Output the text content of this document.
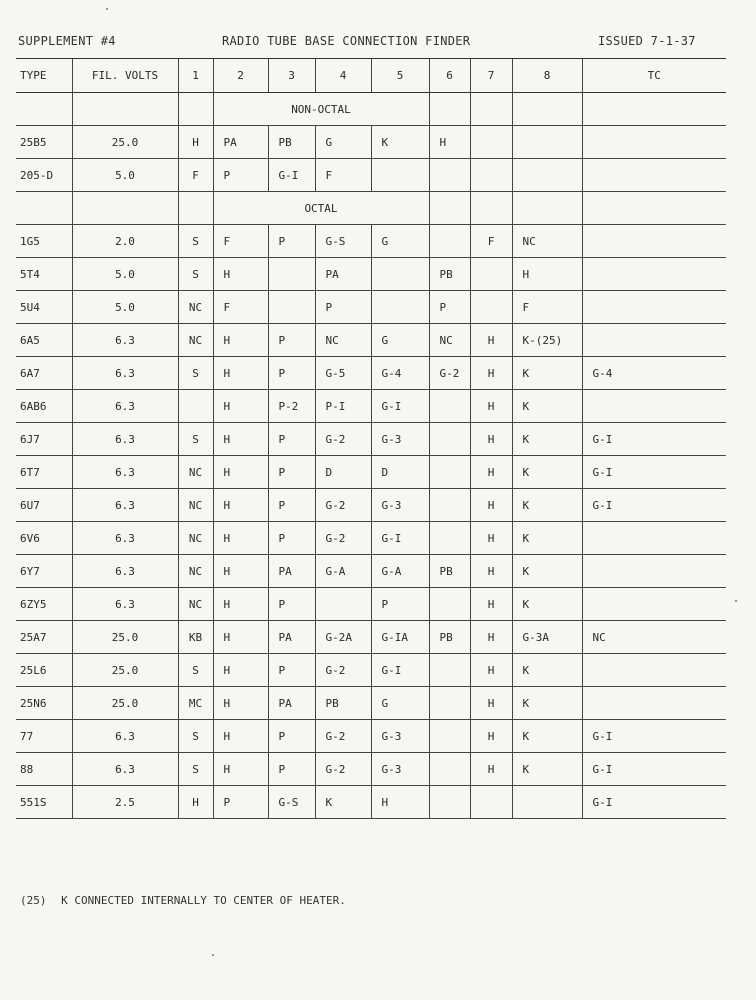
SUPPLEMENT #4	RADIO TUBE BASE CONNECTION FINDER	ISSUED 7-1-37
TYPE	FIL. VOLTS	1	2	3	4	5	6	7	8	TC
			NON-OCTAL							
25B5	25.0	H	PA	PB	G	K	H			
205-D	5.0	F	P	G-I	F					
			OCTAL							
1G5	2.0	S	F	P	G-S	G		F	NC	
5T4	5.0	S	H		PA		PB		H	
5U4	5.0	NC	F		P		P		F	
6A5	6.3	NC	H	P	NC	G	NC	H	K-(25)	
6A7	6.3	S	H	P	G-5	G-4	G-2	H	K	G-4
6AB6	6.3		H	P-2	P-I	G-I		H	K	
6J7	6.3	S	H	P	G-2	G-3		H	K	G-I
6T7	6.3	NC	H	P	D	D		H	K	G-I
6U7	6.3	NC	H	P	G-2	G-3		H	K	G-I
6V6	6.3	NC	H	P	G-2	G-I		H	K	
6Y7	6.3	NC	H	PA	G-A	G-A	PB	H	K	
6ZY5	6.3	NC	H	P		P		H	K	
25A7	25.0	KB	H	PA	G-2A	G-IA	PB	H	G-3A	NC
25L6	25.0	S	H	P	G-2	G-I		H	K	
25N6	25.0	MC	H	PA	PB	G		H	K	
77	6.3	S	H	P	G-2	G-3		H	K	G-I
88	6.3	S	H	P	G-2	G-3		H	K	G-I
551S	2.5	H	P	G-S	K	H				G-I
(25) K CONNECTED INTERNALLY TO CENTER OF HEATER.
